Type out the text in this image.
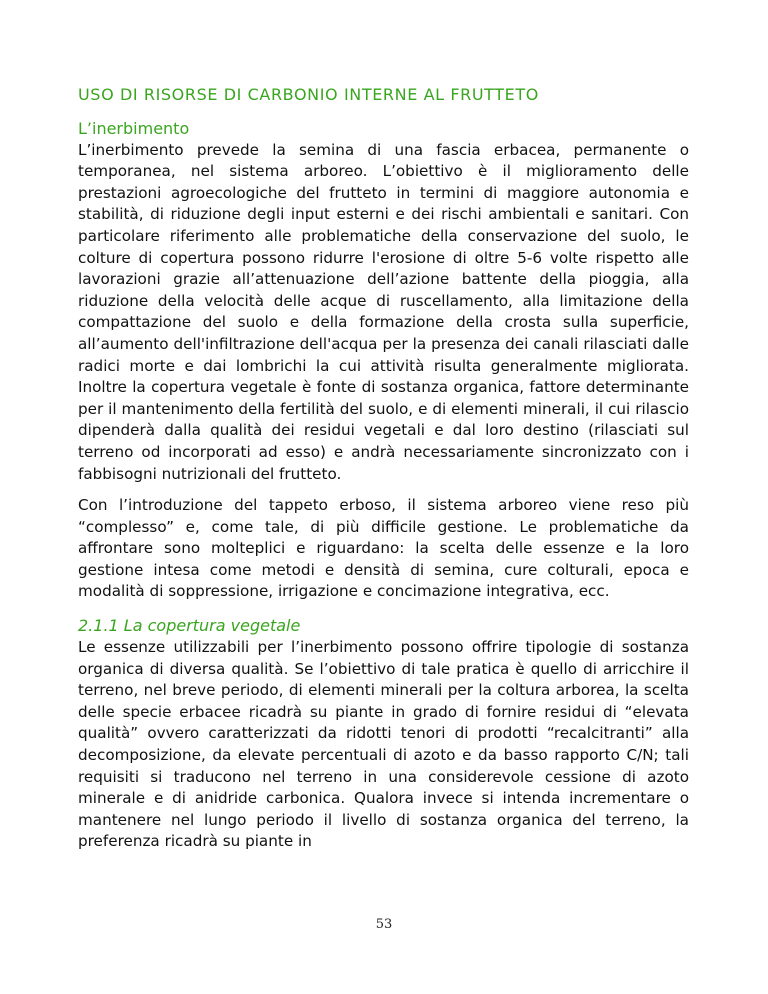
USO DI RISORSE DI CARBONIO INTERNE AL FRUTTETO
L’inerbimento

L’inerbimento prevede la semina di una fascia erbacea, permanente o temporanea, nel sistema arboreo. L’obiettivo è il miglioramento delle prestazioni agroecologiche del frutteto in termini di maggiore autonomia e stabilità, di riduzione degli input esterni e dei rischi ambientali e sanitari. Con particolare riferimento alle problematiche della conservazione del suolo, le colture di copertura possono ridurre l'erosione di oltre 5-6 volte rispetto alle lavorazioni grazie all’attenuazione dell’azione battente della pioggia, alla riduzione della velocità delle acque di ruscellamento, alla limitazione della compattazione del suolo e della formazione della crosta sulla superficie, all’aumento dell'infiltrazione dell'acqua per la presenza dei canali rilasciati dalle radici morte e dai lombrichi la cui attività risulta generalmente migliorata. Inoltre la copertura vegetale è fonte di sostanza organica, fattore determinante per il mantenimento della fertilità del suolo, e di elementi minerali, il cui rilascio dipenderà dalla qualità dei residui vegetali e dal loro destino (rilasciati sul terreno od incorporati ad esso) e andrà necessariamente sincronizzato con i fabbisogni nutrizionali del frutteto.

Con l’introduzione del tappeto erboso, il sistema arboreo viene reso più “complesso” e, come tale, di più difficile gestione. Le problematiche da affrontare sono molteplici e riguardano: la scelta delle essenze e la loro gestione intesa come metodi e densità di semina, cure colturali, epoca e modalità di soppressione, irrigazione e concimazione integrativa, ecc.

2.1.1 La copertura vegetale

Le essenze utilizzabili per l’inerbimento possono offrire tipologie di sostanza organica di diversa qualità. Se l’obiettivo di tale pratica è quello di arricchire il terreno, nel breve periodo, di elementi minerali per la coltura arborea, la scelta delle specie erbacee ricadrà su piante in grado di fornire residui di “elevata qualità” ovvero caratterizzati da ridotti tenori di prodotti “recalcitranti” alla decomposizione, da elevate percentuali di azoto e da basso rapporto C/N; tali requisiti si traducono nel terreno in una considerevole cessione di azoto minerale e di anidride carbonica. Qualora invece si intenda incrementare o mantenere nel lungo periodo il livello di sostanza organica del terreno, la preferenza ricadrà su piante in

53
